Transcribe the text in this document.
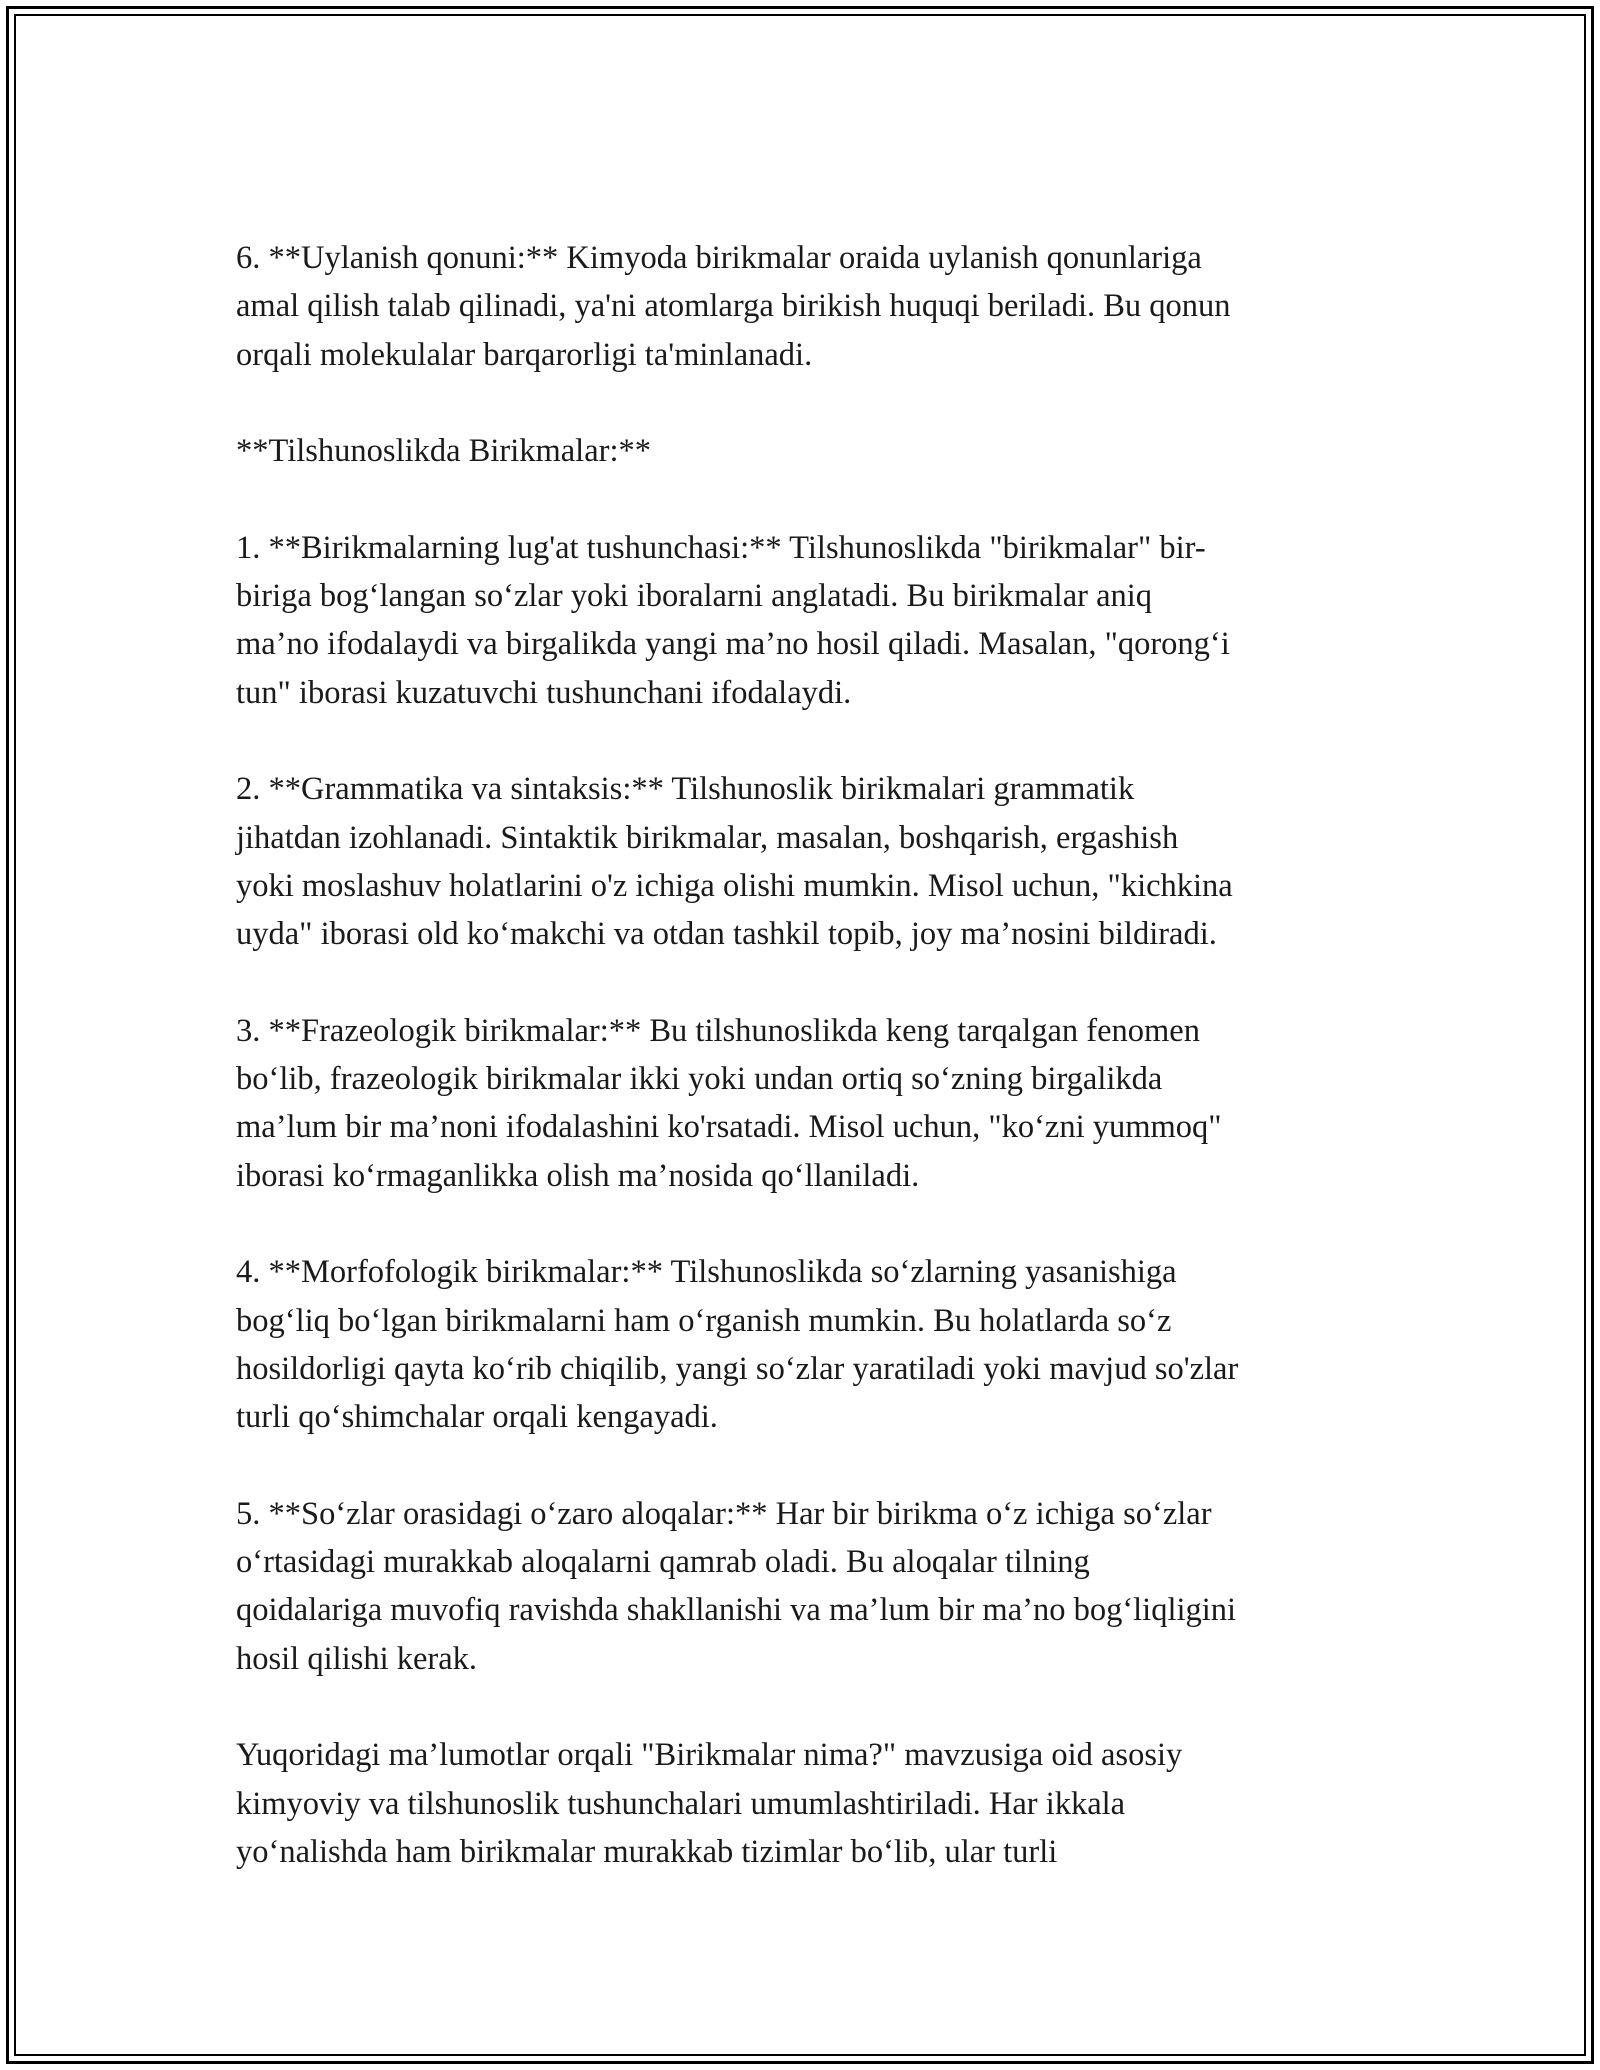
6. **Uylanish qonuni:** Kimyoda birikmalar oraida uylanish qonunlariga
amal qilish talab qilinadi, ya'ni atomlarga birikish huquqi beriladi. Bu qonun
orqali molekulalar barqarorligi ta'minlanadi.

**Tilshunoslikda Birikmalar:**

1. **Birikmalarning lug'at tushunchasi:** Tilshunoslikda "birikmalar" bir-
biriga bog‘langan so‘zlar yoki iboralarni anglatadi. Bu birikmalar aniq
ma’no ifodalaydi va birgalikda yangi ma’no hosil qiladi. Masalan, "qorong‘i
tun" iborasi kuzatuvchi tushunchani ifodalaydi.

2. **Grammatika va sintaksis:** Tilshunoslik birikmalari grammatik
jihatdan izohlanadi. Sintaktik birikmalar, masalan, boshqarish, ergashish
yoki moslashuv holatlarini o'z ichiga olishi mumkin. Misol uchun, "kichkina
uyda" iborasi old ko‘makchi va otdan tashkil topib, joy ma’nosini bildiradi.

3. **Frazeologik birikmalar:** Bu tilshunoslikda keng tarqalgan fenomen
bo‘lib, frazeologik birikmalar ikki yoki undan ortiq so‘zning birgalikda
ma’lum bir ma’noni ifodalashini ko'rsatadi. Misol uchun, "ko‘zni yummoq"
iborasi ko‘rmaganlikka olish ma’nosida qo‘llaniladi.

4. **Morfofologik birikmalar:** Tilshunoslikda so‘zlarning yasanishiga
bog‘liq bo‘lgan birikmalarni ham o‘rganish mumkin. Bu holatlarda so‘z
hosildorligi qayta ko‘rib chiqilib, yangi so‘zlar yaratiladi yoki mavjud so'zlar
turli qo‘shimchalar orqali kengayadi.

5. **So‘zlar orasidagi o‘zaro aloqalar:** Har bir birikma o‘z ichiga so‘zlar
o‘rtasidagi murakkab aloqalarni qamrab oladi. Bu aloqalar tilning
qoidalariga muvofiq ravishda shakllanishi va ma’lum bir ma’no bog‘liqligini
hosil qilishi kerak.

Yuqoridagi ma’lumotlar orqali "Birikmalar nima?" mavzusiga oid asosiy
kimyoviy va tilshunoslik tushunchalari umumlashtiriladi. Har ikkala
yo‘nalishda ham birikmalar murakkab tizimlar bo‘lib, ular turli
